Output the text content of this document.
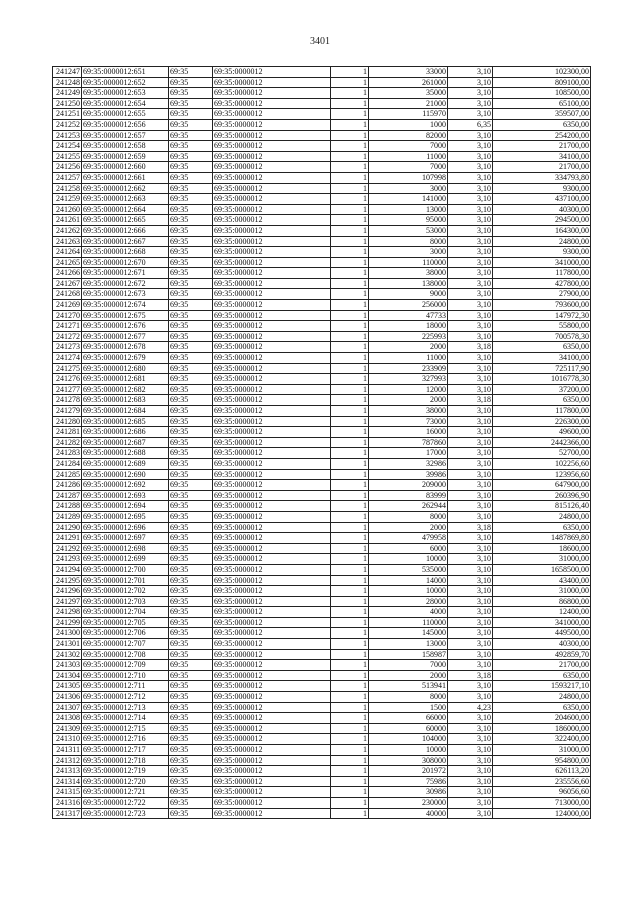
3401
241247	69:35:0000012:651	69:35	69:35:0000012	1	33000	3,10	102300,00
241248	69:35:0000012:652	69:35	69:35:0000012	1	261000	3,10	809100,00
241249	69:35:0000012:653	69:35	69:35:0000012	1	35000	3,10	108500,00
241250	69:35:0000012:654	69:35	69:35:0000012	1	21000	3,10	65100,00
241251	69:35:0000012:655	69:35	69:35:0000012	1	115970	3,10	359507,00
241252	69:35:0000012:656	69:35	69:35:0000012	1	1000	6,35	6350,00
241253	69:35:0000012:657	69:35	69:35:0000012	1	82000	3,10	254200,00
241254	69:35:0000012:658	69:35	69:35:0000012	1	7000	3,10	21700,00
241255	69:35:0000012:659	69:35	69:35:0000012	1	11000	3,10	34100,00
241256	69:35:0000012:660	69:35	69:35:0000012	1	7000	3,10	21700,00
241257	69:35:0000012:661	69:35	69:35:0000012	1	107998	3,10	334793,80
241258	69:35:0000012:662	69:35	69:35:0000012	1	3000	3,10	9300,00
241259	69:35:0000012:663	69:35	69:35:0000012	1	141000	3,10	437100,00
241260	69:35:0000012:664	69:35	69:35:0000012	1	13000	3,10	40300,00
241261	69:35:0000012:665	69:35	69:35:0000012	1	95000	3,10	294500,00
241262	69:35:0000012:666	69:35	69:35:0000012	1	53000	3,10	164300,00
241263	69:35:0000012:667	69:35	69:35:0000012	1	8000	3,10	24800,00
241264	69:35:0000012:668	69:35	69:35:0000012	1	3000	3,10	9300,00
241265	69:35:0000012:670	69:35	69:35:0000012	1	110000	3,10	341000,00
241266	69:35:0000012:671	69:35	69:35:0000012	1	38000	3,10	117800,00
241267	69:35:0000012:672	69:35	69:35:0000012	1	138000	3,10	427800,00
241268	69:35:0000012:673	69:35	69:35:0000012	1	9000	3,10	27900,00
241269	69:35:0000012:674	69:35	69:35:0000012	1	256000	3,10	793600,00
241270	69:35:0000012:675	69:35	69:35:0000012	1	47733	3,10	147972,30
241271	69:35:0000012:676	69:35	69:35:0000012	1	18000	3,10	55800,00
241272	69:35:0000012:677	69:35	69:35:0000012	1	225993	3,10	700578,30
241273	69:35:0000012:678	69:35	69:35:0000012	1	2000	3,18	6350,00
241274	69:35:0000012:679	69:35	69:35:0000012	1	11000	3,10	34100,00
241275	69:35:0000012:680	69:35	69:35:0000012	1	233909	3,10	725117,90
241276	69:35:0000012:681	69:35	69:35:0000012	1	327993	3,10	1016778,30
241277	69:35:0000012:682	69:35	69:35:0000012	1	12000	3,10	37200,00
241278	69:35:0000012:683	69:35	69:35:0000012	1	2000	3,18	6350,00
241279	69:35:0000012:684	69:35	69:35:0000012	1	38000	3,10	117800,00
241280	69:35:0000012:685	69:35	69:35:0000012	1	73000	3,10	226300,00
241281	69:35:0000012:686	69:35	69:35:0000012	1	16000	3,10	49600,00
241282	69:35:0000012:687	69:35	69:35:0000012	1	787860	3,10	2442366,00
241283	69:35:0000012:688	69:35	69:35:0000012	1	17000	3,10	52700,00
241284	69:35:0000012:689	69:35	69:35:0000012	1	32986	3,10	102256,60
241285	69:35:0000012:690	69:35	69:35:0000012	1	39986	3,10	123956,60
241286	69:35:0000012:692	69:35	69:35:0000012	1	209000	3,10	647900,00
241287	69:35:0000012:693	69:35	69:35:0000012	1	83999	3,10	260396,90
241288	69:35:0000012:694	69:35	69:35:0000012	1	262944	3,10	815126,40
241289	69:35:0000012:695	69:35	69:35:0000012	1	8000	3,10	24800,00
241290	69:35:0000012:696	69:35	69:35:0000012	1	2000	3,18	6350,00
241291	69:35:0000012:697	69:35	69:35:0000012	1	479958	3,10	1487869,80
241292	69:35:0000012:698	69:35	69:35:0000012	1	6000	3,10	18600,00
241293	69:35:0000012:699	69:35	69:35:0000012	1	10000	3,10	31000,00
241294	69:35:0000012:700	69:35	69:35:0000012	1	535000	3,10	1658500,00
241295	69:35:0000012:701	69:35	69:35:0000012	1	14000	3,10	43400,00
241296	69:35:0000012:702	69:35	69:35:0000012	1	10000	3,10	31000,00
241297	69:35:0000012:703	69:35	69:35:0000012	1	28000	3,10	86800,00
241298	69:35:0000012:704	69:35	69:35:0000012	1	4000	3,10	12400,00
241299	69:35:0000012:705	69:35	69:35:0000012	1	110000	3,10	341000,00
241300	69:35:0000012:706	69:35	69:35:0000012	1	145000	3,10	449500,00
241301	69:35:0000012:707	69:35	69:35:0000012	1	13000	3,10	40300,00
241302	69:35:0000012:708	69:35	69:35:0000012	1	158987	3,10	492859,70
241303	69:35:0000012:709	69:35	69:35:0000012	1	7000	3,10	21700,00
241304	69:35:0000012:710	69:35	69:35:0000012	1	2000	3,18	6350,00
241305	69:35:0000012:711	69:35	69:35:0000012	1	513941	3,10	1593217,10
241306	69:35:0000012:712	69:35	69:35:0000012	1	8000	3,10	24800,00
241307	69:35:0000012:713	69:35	69:35:0000012	1	1500	4,23	6350,00
241308	69:35:0000012:714	69:35	69:35:0000012	1	66000	3,10	204600,00
241309	69:35:0000012:715	69:35	69:35:0000012	1	60000	3,10	186000,00
241310	69:35:0000012:716	69:35	69:35:0000012	1	104000	3,10	322400,00
241311	69:35:0000012:717	69:35	69:35:0000012	1	10000	3,10	31000,00
241312	69:35:0000012:718	69:35	69:35:0000012	1	308000	3,10	954800,00
241313	69:35:0000012:719	69:35	69:35:0000012	1	201972	3,10	626113,20
241314	69:35:0000012:720	69:35	69:35:0000012	1	75986	3,10	235556,60
241315	69:35:0000012:721	69:35	69:35:0000012	1	30986	3,10	96056,60
241316	69:35:0000012:722	69:35	69:35:0000012	1	230000	3,10	713000,00
241317	69:35:0000012:723	69:35	69:35:0000012	1	40000	3,10	124000,00
